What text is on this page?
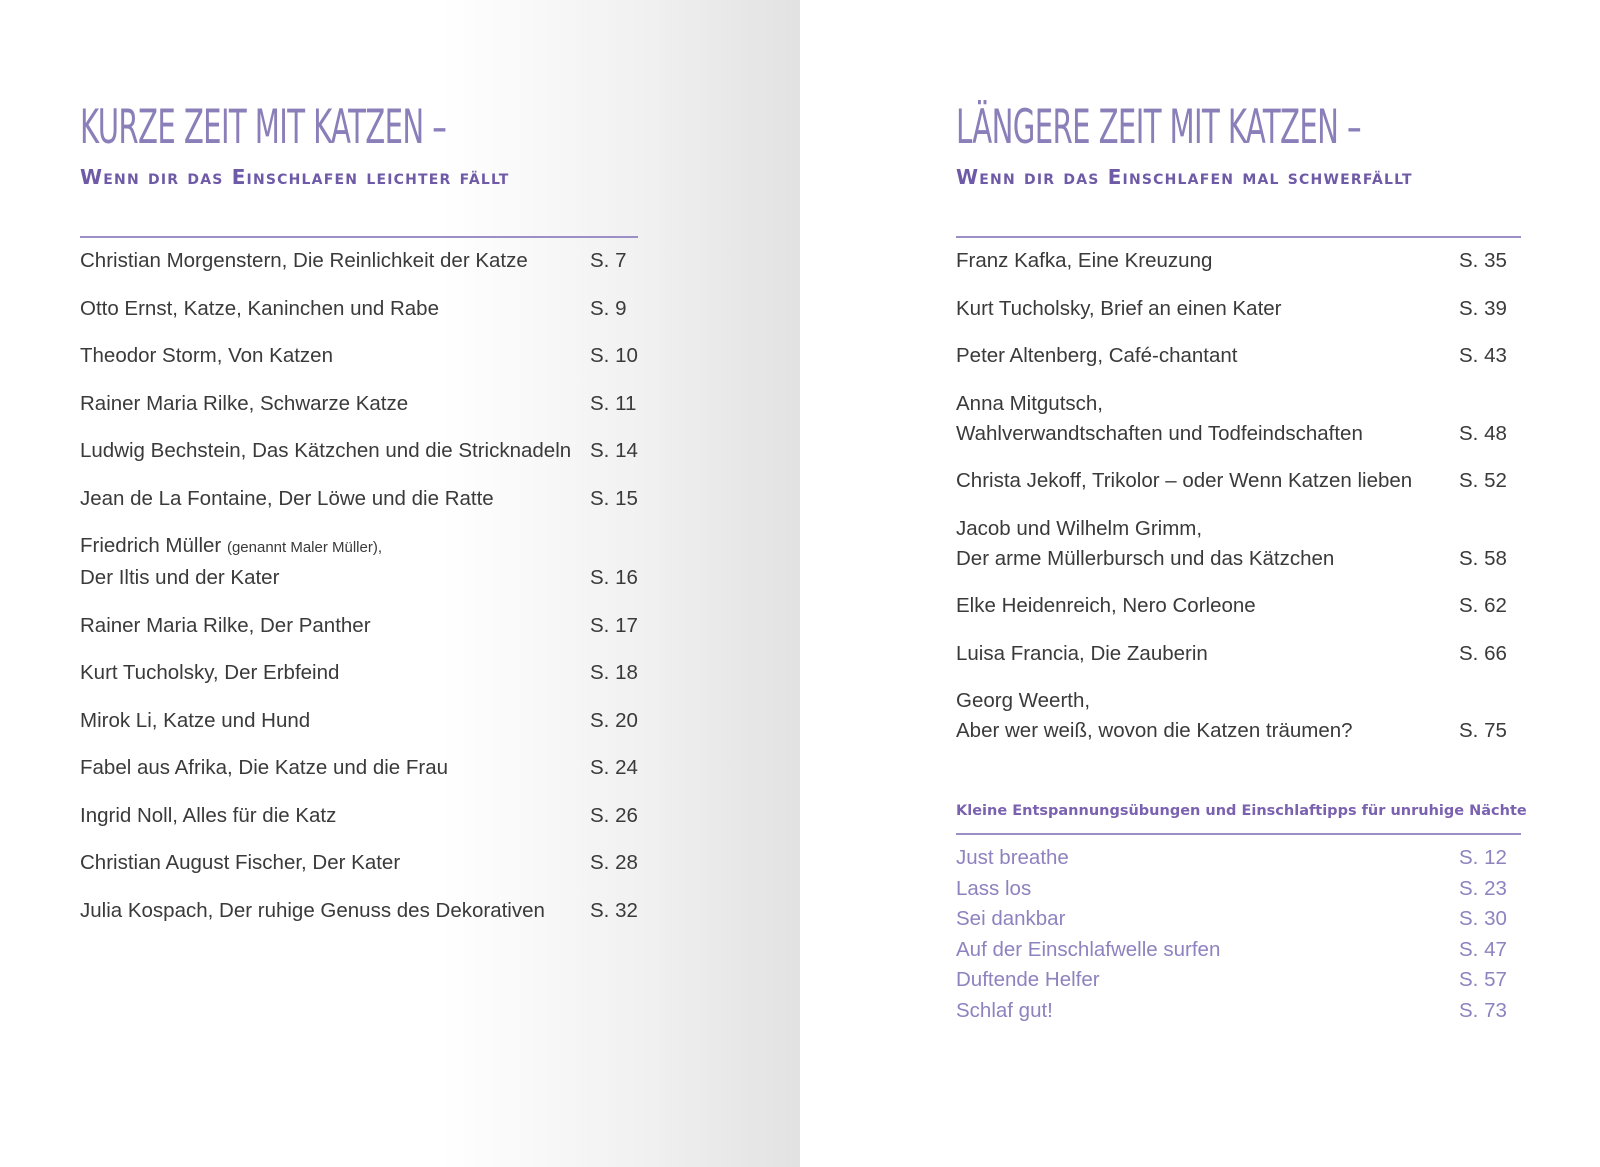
KURZE ZEIT MIT KATZEN –
Wenn dir das Einschlafen leichter fällt
Christian Morgenstern, Die Reinlichkeit der Katze	S. 7
Otto Ernst, Katze, Kaninchen und Rabe	S. 9
Theodor Storm, Von Katzen	S. 10
Rainer Maria Rilke, Schwarze Katze	S. 11
Ludwig Bechstein, Das Kätzchen und die Stricknadeln S. 14
Jean de La Fontaine, Der Löwe und die Ratte	S. 15
Friedrich Müller (genannt Maler Müller),
Der Iltis und der Kater	S. 16
Rainer Maria Rilke, Der Panther	S. 17
Kurt Tucholsky, Der Erbfeind	S. 18
Mirok Li, Katze und Hund	S. 20
Fabel aus Afrika, Die Katze und die Frau	S. 24
Ingrid Noll, Alles für die Katz	S. 26
Christian August Fischer, Der Kater	S. 28
Julia Kospach, Der ruhige Genuss des Dekorativen	S. 32
LÄNGERE ZEIT MIT KATZEN –
Wenn dir das Einschlafen mal schwerfällt
Franz Kafka, Eine Kreuzung	S. 35
Kurt Tucholsky, Brief an einen Kater	S. 39
Peter Altenberg, Café-chantant	S. 43
Anna Mitgutsch,
Wahlverwandtschaften und Todfeindschaften	S. 48
Christa Jekoff, Trikolor – oder Wenn Katzen lieben	S. 52
Jacob und Wilhelm Grimm,
Der arme Müllerbursch und das Kätzchen	S. 58
Elke Heidenreich, Nero Corleone	S. 62
Luisa Francia, Die Zauberin	S. 66
Georg Weerth,
Aber wer weiß, wovon die Katzen träumen?	S. 75
Kleine Entspannungsübungen und Einschlaftipps für unruhige Nächte
Just breathe	S. 12
Lass los	S. 23
Sei dankbar	S. 30
Auf der Einschlafwelle surfen	S. 47
Duftende Helfer	S. 57
Schlaf gut!	S. 73
